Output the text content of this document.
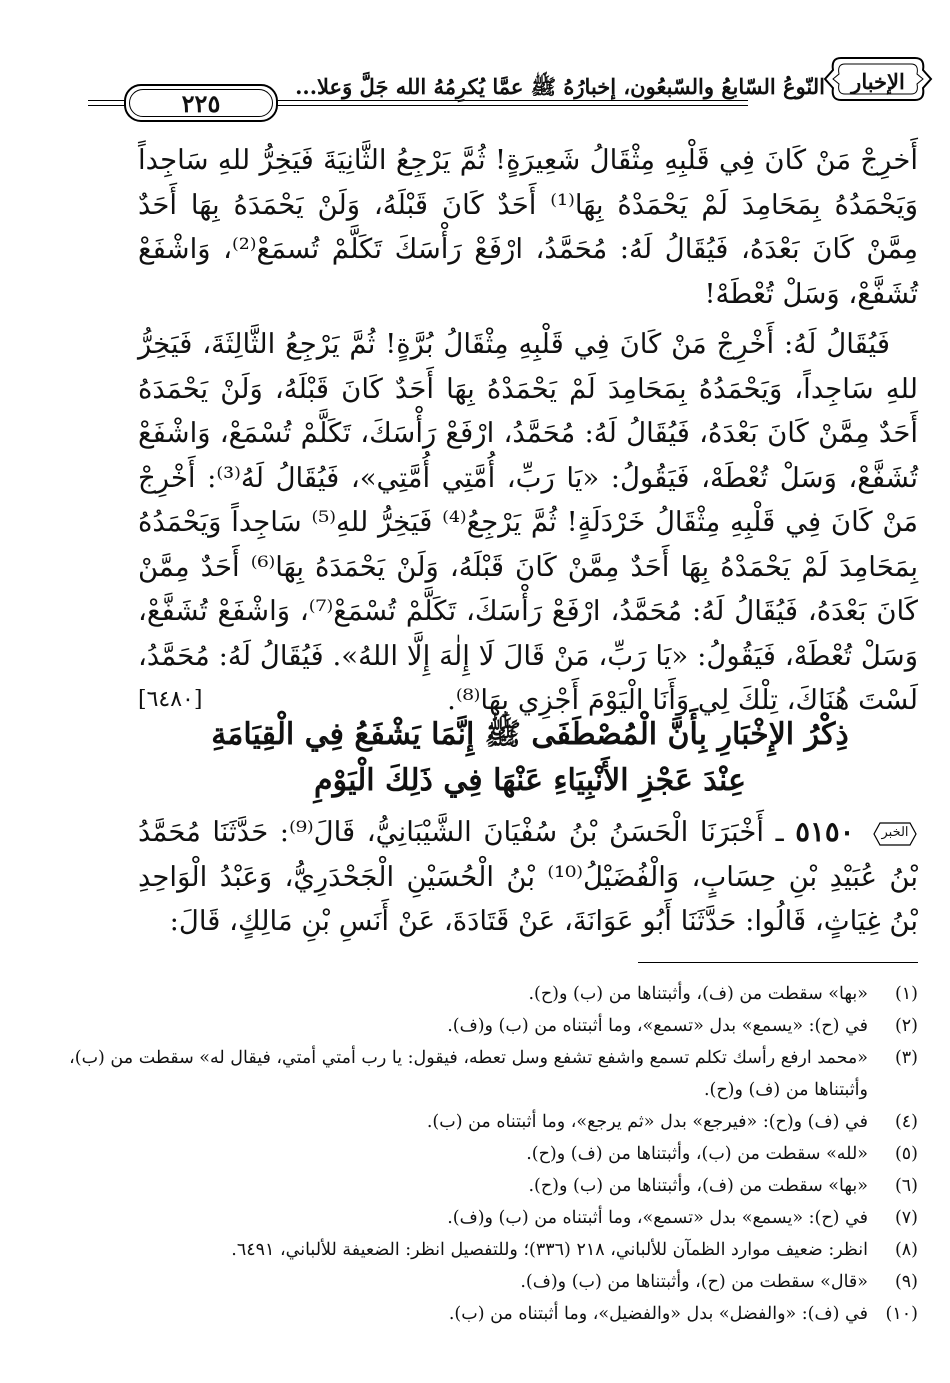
٢٢٥
النّوعُ السّابعُ والسّبعُون، إخبارُهُ ﷺ عمَّا يُكرِمُهُ الله جَلَّ وَعلا...	الإخبار

أَخرِجْ مَنْ كَانَ فِي قَلْبِهِ مِثْقَالُ شَعِيرَةٍ! ثُمَّ يَرْجِعُ الثَّانِيَةَ فَيَخِرُّ للهِ سَاجِداً وَيَحْمَدُهُ بِمَحَامِدَ لَمْ يَحْمَدْهُ بِهَا⁽¹⁾ أَحَدٌ كَانَ قَبْلَهُ، وَلَنْ يَحْمَدَهُ بِهَا أَحَدٌ مِمَّنْ كَانَ بَعْدَهُ، فَيُقَالُ لَهُ: مُحَمَّدُ، ارْفَعْ رَأْسَكَ تَكَلَّمْ تُسمَعْ⁽²⁾، وَاشْفَعْ تُشَفَّعْ، وَسَلْ تُعْطَهْ!

فَيُقَالُ لَهُ: أَخْرِجْ مَنْ كَانَ فِي قَلْبِهِ مِثْقَالُ بُرَّةٍ! ثُمَّ يَرْجِعُ الثَّالِثَةَ، فَيَخِرُّ للهِ سَاجِداً، وَيَحْمَدُهُ بِمَحَامِدَ لَمْ يَحْمَدْهُ بِهَا أَحَدٌ كَانَ قَبْلَهُ، وَلَنْ يَحْمَدَهُ أَحَدٌ مِمَّنْ كَانَ بَعْدَهُ، فَيُقَالُ لَهُ: مُحَمَّدُ، ارْفَعْ رَأْسَكَ، تَكَلَّمْ تُسْمَعْ، وَاشْفَعْ تُشَفَّعْ، وَسَلْ تُعْطَهْ، فَيَقُولُ: «يَا رَبِّ، أُمَّتِي أُمَّتِي»، فَيُقَالُ لَهُ⁽³⁾: أَخْرِجْ مَنْ كَانَ فِي قَلْبِهِ مِثْقَالُ خَرْدَلَةٍ! ثُمَّ يَرْجِعُ⁽⁴⁾ فَيَخِرُّ للهِ⁽⁵⁾ سَاجِداً وَيَحْمَدُهُ بِمَحَامِدَ لَمْ يَحْمَدْهُ بِهَا أَحَدٌ مِمَّنْ كَانَ قَبْلَهُ، وَلَنْ يَحْمَدَهُ بِهَا⁽⁶⁾ أَحَدٌ مِمَّنْ كَانَ بَعْدَهُ، فَيُقَالُ لَهُ: مُحَمَّدُ، ارْفَعْ رَأْسَكَ، تَكَلَّمْ تُسْمَعْ⁽⁷⁾، وَاشْفَعْ تُشَفَّعْ، وَسَلْ تُعْطَهْ، فَيَقُولُ: «يَا رَبِّ، مَنْ قَالَ لَا إِلٰهَ إِلَّا اللهُ». فَيُقَالُ لَهُ: مُحَمَّدُ، لَسْتَ هُنَاكَ، تِلْكَ لِي وَأَنَا الْيَوْمَ أَجْزِي بِهَا⁽⁸⁾.
[٦٤٨٠]

ذِكْرُ الإِخْبَارِ بِأَنَّ الْمُصْطَفَى ﷺ إِنَّمَا يَشْفَعُ فِي الْقِيَامَةِ
عِنْدَ عَجْزِ الأَنْبِيَاءِ عَنْهَا فِي ذَلِكَ الْيَوْمِ
الخبر
٥١٥٠ ـ أَخْبَرَنَا الْحَسَنُ بْنُ سُفْيَانَ الشَّيْبَانِيُّ، قَالَ⁽⁹⁾: حَدَّثَنَا مُحَمَّدُ بْنُ عُبَيْدِ بْنِ حِسَابٍ، وَالْفُضَيْلُ⁽¹⁰⁾ بْنُ الْحُسَيْنِ الْجَحْدَرِيُّ، وَعَبْدُ الْوَاحِدِ بْنُ غِيَاثٍ، قَالُوا: حَدَّثَنَا أَبُو عَوَانَةَ، عَنْ قَتَادَةَ، عَنْ أَنَسِ بْنِ مَالِكٍ، قَالَ:
(١)
«بها» سقطت من (ف)، وأثبتناها من (ب) و(ح).
(٢)
في (ح): «يسمع» بدل «تسمع»، وما أثبتناه من (ب) و(ف).
(٣)
«محمد ارفع رأسك تكلم تسمع واشفع تشفع وسل تعطه، فيقول: يا رب أمتي أمتي، فيقال له» سقطت من (ب)، وأثبتناها من (ف) و(ح).
(٤)
في (ف) و(ح): «فيرجع» بدل «ثم يرجع»، وما أثبتناه من (ب).
(٥)
«لله» سقطت من (ب)، وأثبتناها من (ف) و(ح).
(٦)
«بها» سقطت من (ف)، وأثبتناها من (ب) و(ح).
(٧)
في (ح): «يسمع» بدل «تسمع»، وما أثبتناه من (ب) و(ف).
(٨)
انظر: ضعيف موارد الظمآن للألباني، ٢١٨ (٣٣٦)؛ وللتفصيل انظر: الضعيفة للألباني، ٦٤٩١.
(٩)
«قال» سقطت من (ح)، وأثبتناها من (ب) و(ف).
(١٠)
في (ف): «والفضل» بدل «والفضيل»، وما أثبتناه من (ب).
